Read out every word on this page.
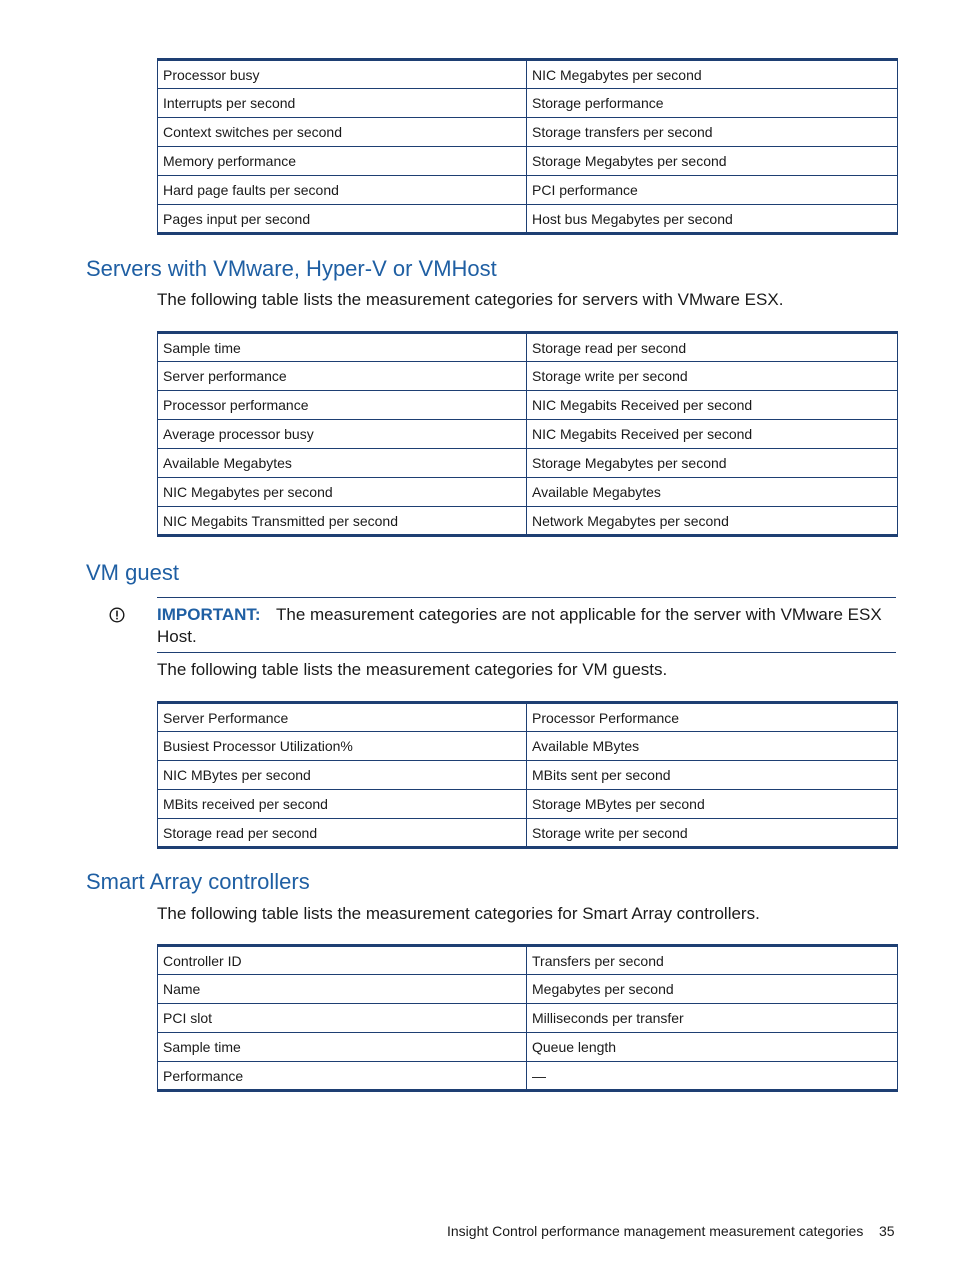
Processor busy	NIC Megabytes per second
Interrupts per second	Storage performance
Context switches per second	Storage transfers per second
Memory performance	Storage Megabytes per second
Hard page faults per second	PCI performance
Pages input per second	Host bus Megabytes per second
Servers with VMware, Hyper-V or VMHost

The following table lists the measurement categories for servers with VMware ESX.

Sample time	Storage read per second
Server performance	Storage write per second
Processor performance	NIC Megabits Received per second
Average processor busy	NIC Megabits Received per second
Available Megabytes	Storage Megabytes per second
NIC Megabytes per second	Available Megabytes
NIC Megabits Transmitted per second	Network Megabytes per second
VM guest
IMPORTANT: The measurement categories are not applicable for the server with VMware ESX
Host.

The following table lists the measurement categories for VM guests.

Server Performance	Processor Performance
Busiest Processor Utilization%	Available MBytes
NIC MBytes per second	MBits sent per second
MBits received per second	Storage MBytes per second
Storage read per second	Storage write per second
Smart Array controllers

The following table lists the measurement categories for Smart Array controllers.

Controller ID	Transfers per second
Name	Megabytes per second
PCI slot	Milliseconds per transfer
Sample time	Queue length
Performance	—
Insight Control performance management measurement categories 35
